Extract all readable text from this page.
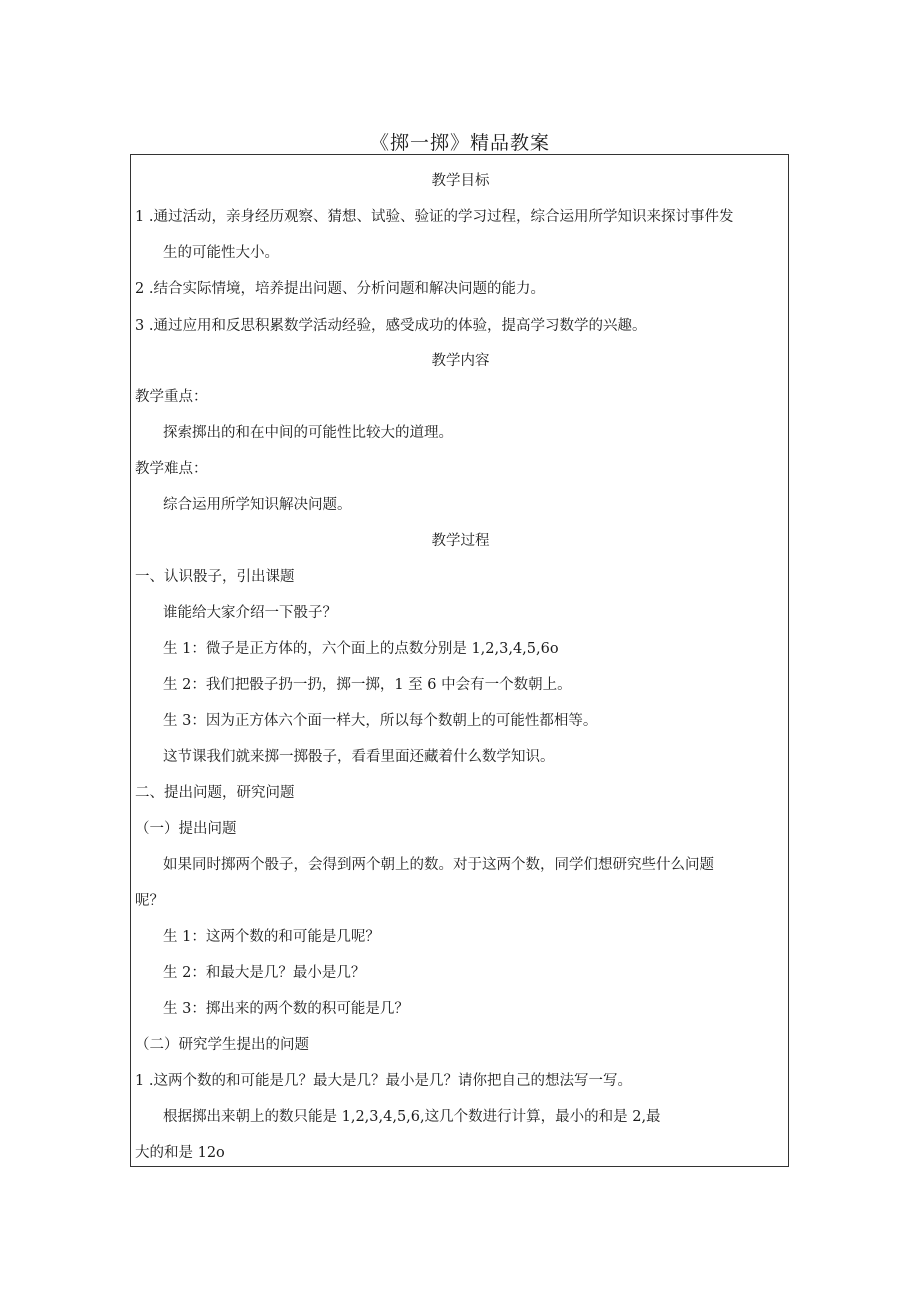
《掷一掷》精品教案
教学目标
1 .通过活动，亲身经历观察、猜想、试验、验证的学习过程，综合运用所学知识来探讨事件发
生的可能性大小。
2 .结合实际情境，培养提出问题、分析问题和解决问题的能力。
3 .通过应用和反思积累数学活动经验，感受成功的体验，提高学习数学的兴趣。
教学内容
教学重点：
探索掷出的和在中间的可能性比较大的道理。
教学难点：
综合运用所学知识解决问题。
教学过程
一、认识骰子，引出课题
谁能给大家介绍一下骰子？
生 1：微子是正方体的，六个面上的点数分别是 1,2,3,4,5,6o
生 2：我们把骰子扔一扔，掷一掷，1 至 6 中会有一个数朝上。
生 3：因为正方体六个面一样大，所以每个数朝上的可能性都相等。
这节课我们就来掷一掷骰子，看看里面还藏着什么数学知识。
二、提出问题，研究问题
（一）提出问题
如果同时掷两个骰子，会得到两个朝上的数。对于这两个数，同学们想研究些什么问题
呢？
生 1：这两个数的和可能是几呢？
生 2：和最大是几？最小是几？
生 3：掷出来的两个数的积可能是几？
（二）研究学生提出的问题
1 .这两个数的和可能是几？最大是几？最小是几？请你把自己的想法写一写。
根据掷出来朝上的数只能是 1,2,3,4,5,6,这几个数进行计算，最小的和是 2,最
大的和是 12o
